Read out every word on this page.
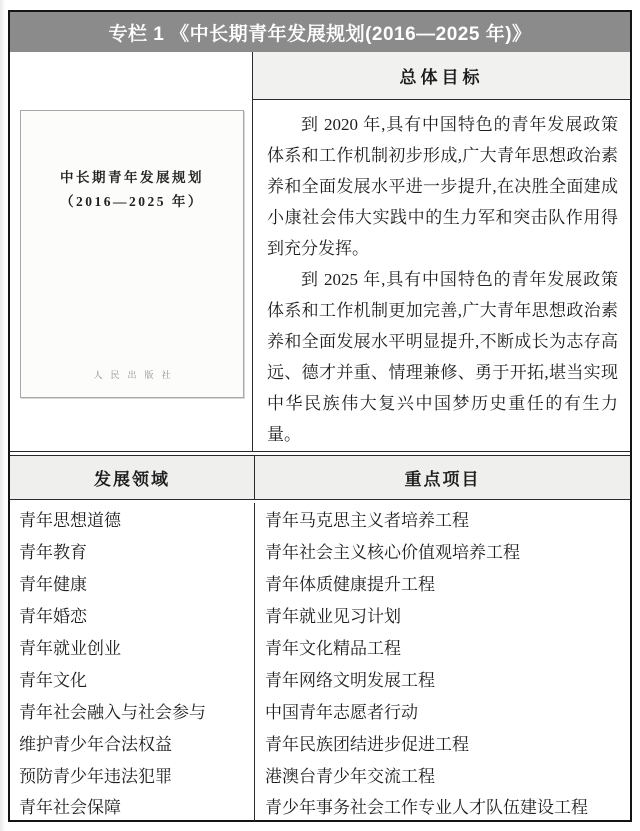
专栏 1 《中长期青年发展规划(2016—2025 年)》
中长期青年发展规划
（2016—2025 年）
人民出版社
总体目标

到 2020 年,具有中国特色的青年发展政策体系和工作机制初步形成,广大青年思想政治素养和全面发展水平进一步提升,在决胜全面建成小康社会伟大实践中的生力军和突击队作用得到充分发挥。

到 2025 年,具有中国特色的青年发展政策体系和工作机制更加完善,广大青年思想政治素养和全面发展水平明显提升,不断成长为志存高远、德才并重、情理兼修、勇于开拓,堪当实现中华民族伟大复兴中国梦历史重任的有生力量。

发展领域	重点项目
青年思想道德	青年马克思主义者培养工程
青年教育	青年社会主义核心价值观培养工程
青年健康	青年体质健康提升工程
青年婚恋	青年就业见习计划
青年就业创业	青年文化精品工程
青年文化	青年网络文明发展工程
青年社会融入与社会参与	中国青年志愿者行动
维护青少年合法权益	青年民族团结进步促进工程
预防青少年违法犯罪	港澳台青少年交流工程
青年社会保障	青少年事务社会工作专业人才队伍建设工程
